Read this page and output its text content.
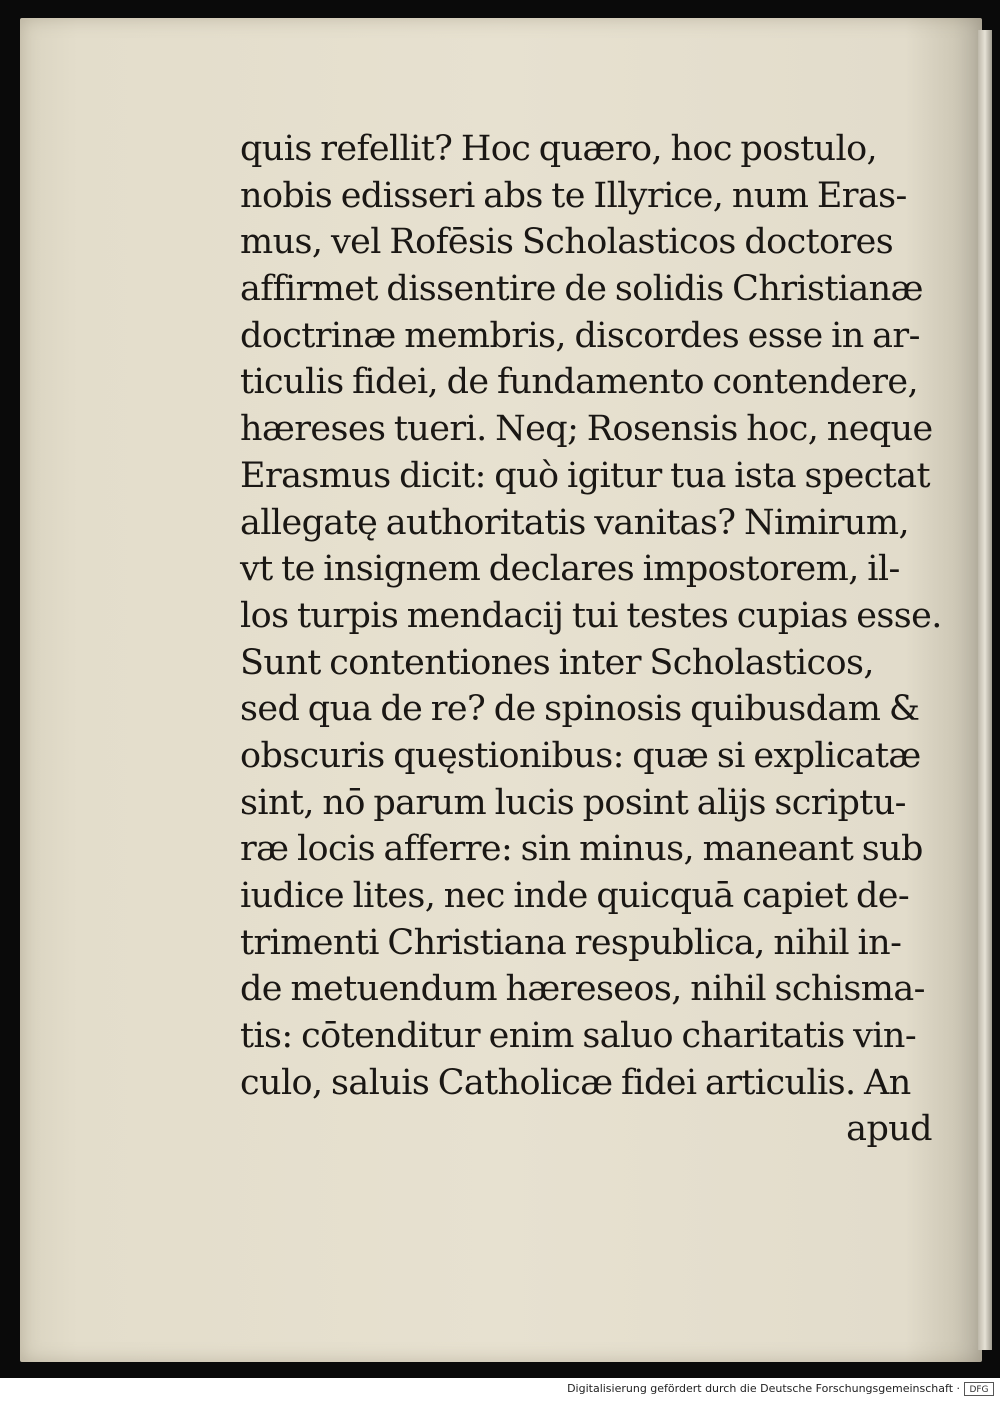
quis refellit? Hoc quæro, hoc postulo,
nobis edisseri abs te Illyrice, num Eras-
mus, vel Rofēsis Scholasticos doctores
affirmet dissentire de solidis Christianæ
doctrinæ membris, discordes esse in ar-
ticulis fidei, de fundamento contendere,
hæreses tueri. Neq; Rosensis hoc, neque
Erasmus dicit: quò igitur tua ista spectat
allegatę authoritatis vanitas? Nimirum,
vt te insignem declares impostorem, il-
los turpis mendacij tui testes cupias esse.
Sunt contentiones inter Scholasticos,
sed qua de re? de spinosis quibusdam &
obscuris quęstionibus: quæ si explicatæ
sint, nō parum lucis posint alijs scriptu-
ræ locis afferre: sin minus, maneant sub
iudice lites, nec inde quicquā capiet de-
trimenti Christiana respublica, nihil in-
de metuendum hæreseos, nihil schisma-
tis: cōtenditur enim saluo charitatis vin-
culo, saluis Catholicæ fidei articulis. An
apud
Digitalisierung gefördert durch die Deutsche Forschungsgemeinschaft ·	DFG
